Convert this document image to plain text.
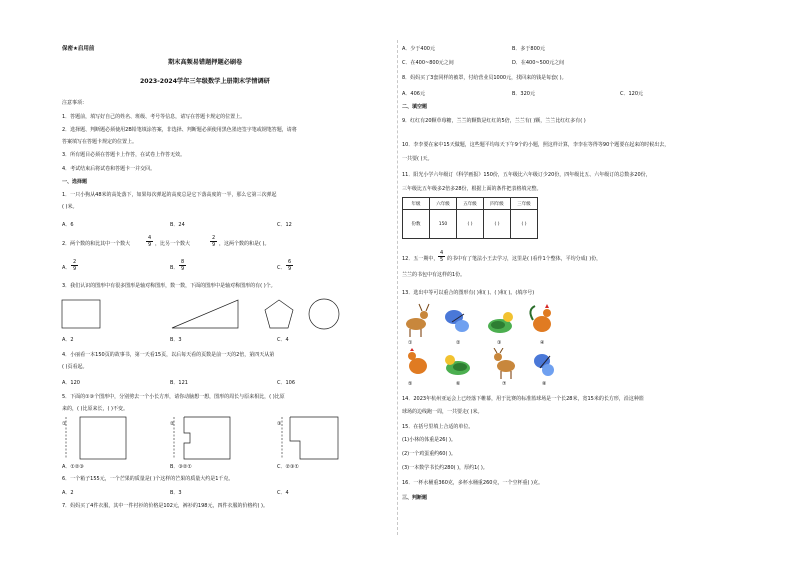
保密★启用前
期末高频易错题押题必刷卷
2023-2024学年三年级数学上册期末学情调研
注意事项：
1．答题前，填写好自己的姓名、班级、考号等信息，请写在答题卡规定的位置上。
2．选择题、判断题必须使用2B铅笔填涂答案，非选择、判断题必须使用黑色墨迹签字笔或钢笔答题，请将
答案填写在答题卡规定的位置上。
3．所有题目必须在答题卡上作答，在试卷上作答无效。
4．考试结束后将试卷和答题卡一并交回。
一、选择题
1．一只小狗从48米的高处落下，如果每次弹起的高度总是它下落高度的一半，那么它第三次弹起
( )米。
A．6	B．24	C．12
2．两个数的和比其中一个数大
4
9 ，比另一个数大
2
9 ，这两个数的和是( )。
A．
2
9	B．
8
9	C．
6
9
3．我们认识的图形中有很多图形是轴对称图形，数一数，下面的图形中是轴对称图形的有( )个。
A．2	B．3	C．4
4．小丽看一本150页的故事书，第一天看15页，以后每天看的页数是前一天的2倍，第四天从第
( )页看起。
A．120	B．121	C．106
5．下面的①③个图形中，分别剪去一个小长方形，请你动脑想一想，图形的周长与原来相比，( )比原
来的，( )比原来长，( )不变。
①	②	③
A．①②③	B．③②①	C．②③①
6．一个箱子155元，一个芒果的质量是( )个这样的芒果的质量大约是1千克。
A．2	B．3	C．4
7．妈妈买了4件衣服，其中一件衬衫的价格是102元，裤衫的198元，四件衣服的价格约( )。
A．少于400元	B．多于800元
C．在400~800元之间	D．在400~500元之间
8．妈妈买了3套同样的被罩，付给营业员1000元，找回来的钱是每套( )。
A．406元	B．320元	C．120元
二、填空题
9．红红有20颗草莓糖，兰兰的颗数是红红的5倍，兰兰有( )颗，兰兰比红红多有( )
10．李李要在家中15天做题，这些题平均每天下午9个的小题，照这样计算，李李在等得等90个题要在起来的时候出去，
一共要( )天。
11．阳光小学六年级订《科学画报》150份，五年级比六年级订少20份，四年级比五、六年级订的总数多20份，
三年级比五年级多2倍多28份，根据上面的条件把表格填完整。
年级	六年级	五年级	四年级	三年级
份数	150	( )	( )	( )
12．五一期中，
4
5 的书中有了笔法小王去学习，这里是( )看作1个整体，平均分成( )份，
兰兰的书包中有这样的1份。
13．选出中等可以重合的图形有( )和( )、( )和( )。(填序号)
①	②	③	④
⑤	⑥	⑦	⑧
14．2023年杭州亚运会上已经落下帷幕，用于比赛的标准篮球场是一个长28米，宽15米的长方形，沿这种篮
球场的边线跑一周，一共要走( )米。
15．在括号里填上合适的单位。
(1)小林的体重是26( )。
(2)一个鸡蛋重约60( )。
(3)一本数学书长约280( )，厚约1( )。
16．一杯水桶重360克，多杯水桶重260克，一个空杯重( )克。
三、判断题
